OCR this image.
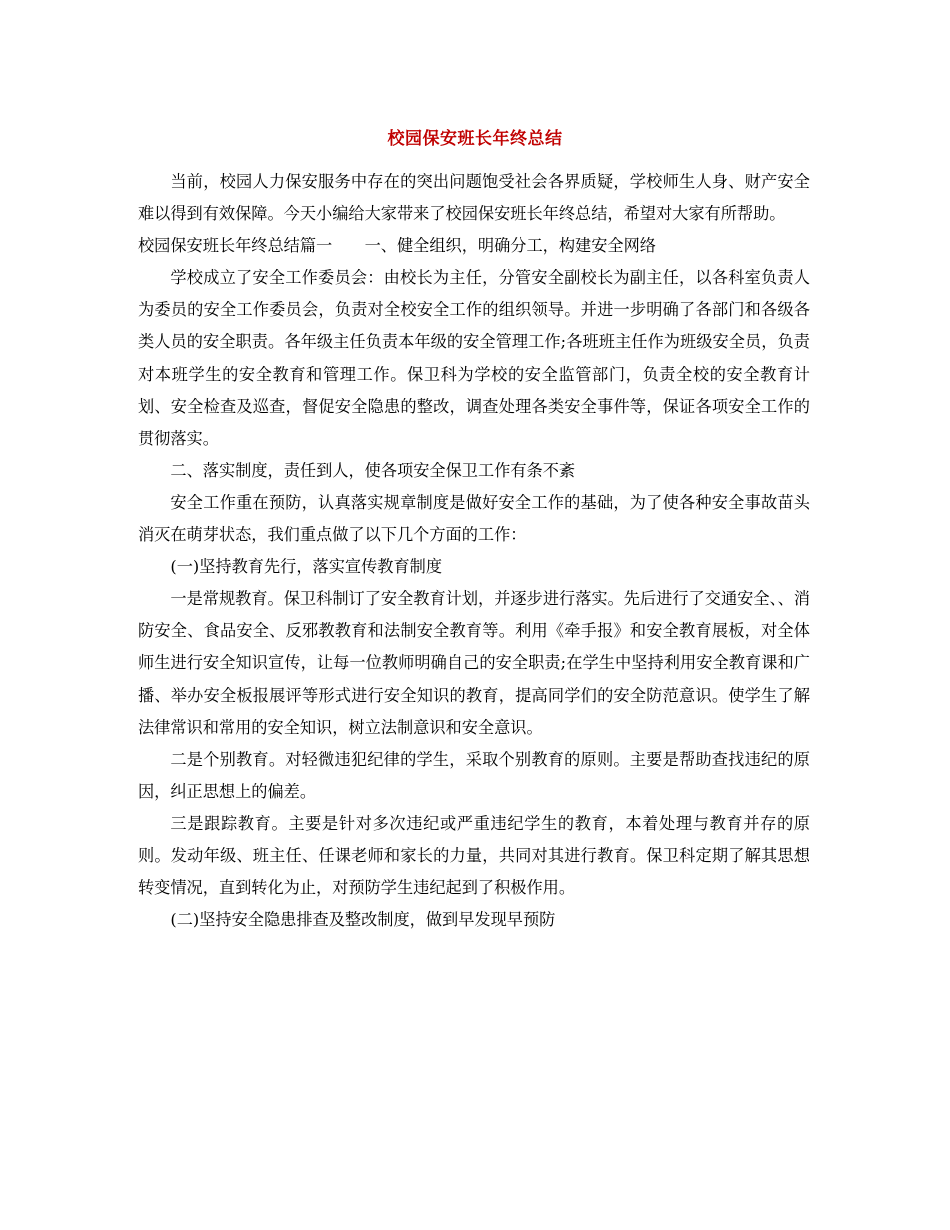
校园保安班长年终总结

当前，校园人力保安服务中存在的突出问题饱受社会各界质疑，学校师生人身、财产安全难以得到有效保障。今天小编给大家带来了校园保安班长年终总结，希望对大家有所帮助。

校园保安班长年终总结篇一　　一、健全组织，明确分工，构建安全网络

学校成立了安全工作委员会：由校长为主任，分管安全副校长为副主任，以各科室负责人为委员的安全工作委员会，负责对全校安全工作的组织领导。并进一步明确了各部门和各级各类人员的安全职责。各年级主任负责本年级的安全管理工作;各班班主任作为班级安全员，负责对本班学生的安全教育和管理工作。保卫科为学校的安全监管部门，负责全校的安全教育计划、安全检查及巡查，督促安全隐患的整改，调查处理各类安全事件等，保证各项安全工作的贯彻落实。

二、落实制度，责任到人，使各项安全保卫工作有条不紊

安全工作重在预防，认真落实规章制度是做好安全工作的基础，为了使各种安全事故苗头消灭在萌芽状态，我们重点做了以下几个方面的工作：

(一)坚持教育先行，落实宣传教育制度

一是常规教育。保卫科制订了安全教育计划，并逐步进行落实。先后进行了交通安全、、消防安全、食品安全、反邪教教育和法制安全教育等。利用《牵手报》和安全教育展板，对全体师生进行安全知识宣传，让每一位教师明确自己的安全职责;在学生中坚持利用安全教育课和广播、举办安全板报展评等形式进行安全知识的教育，提高同学们的安全防范意识。使学生了解法律常识和常用的安全知识，树立法制意识和安全意识。

二是个别教育。对轻微违犯纪律的学生，采取个别教育的原则。主要是帮助查找违纪的原因，纠正思想上的偏差。

三是跟踪教育。主要是针对多次违纪或严重违纪学生的教育，本着处理与教育并存的原则。发动年级、班主任、任课老师和家长的力量，共同对其进行教育。保卫科定期了解其思想转变情况，直到转化为止，对预防学生违纪起到了积极作用。

(二)坚持安全隐患排查及整改制度，做到早发现早预防
